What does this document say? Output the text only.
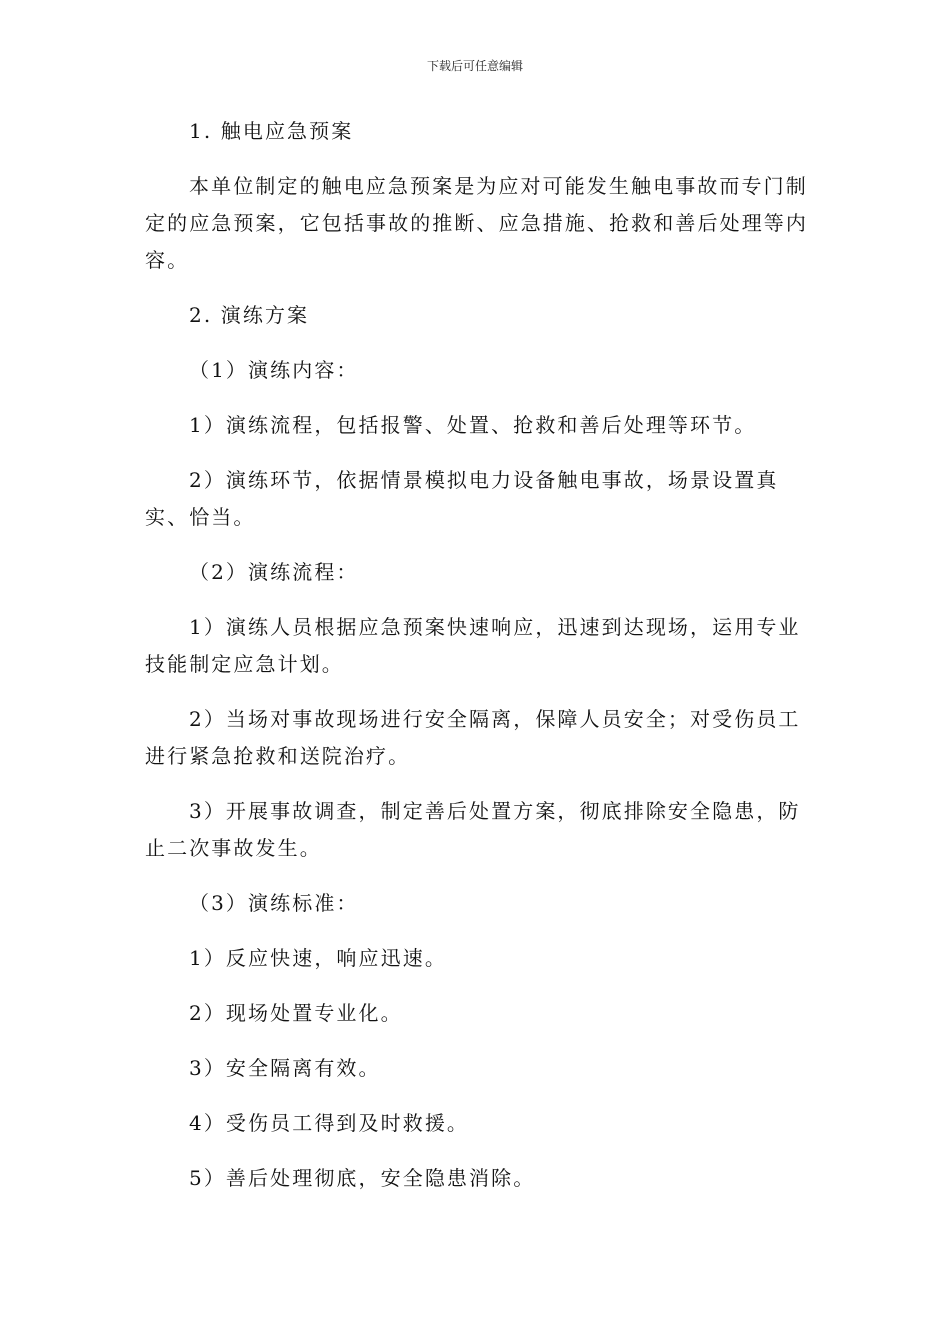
下载后可任意编辑

1. 触电应急预案

本单位制定的触电应急预案是为应对可能发生触电事故而专门制定的应急预案，它包括事故的推断、应急措施、抢救和善后处理等内容。

2. 演练方案

（1）演练内容：

1）演练流程，包括报警、处置、抢救和善后处理等环节。

2）演练环节，依据情景模拟电力设备触电事故，场景设置真实、恰当。

（2）演练流程：

1）演练人员根据应急预案快速响应，迅速到达现场，运用专业技能制定应急计划。

2）当场对事故现场进行安全隔离，保障人员安全；对受伤员工进行紧急抢救和送院治疗。

3）开展事故调查，制定善后处置方案，彻底排除安全隐患，防止二次事故发生。

（3）演练标准：

1）反应快速，响应迅速。

2）现场处置专业化。

3）安全隔离有效。

4）受伤员工得到及时救援。

5）善后处理彻底，安全隐患消除。
